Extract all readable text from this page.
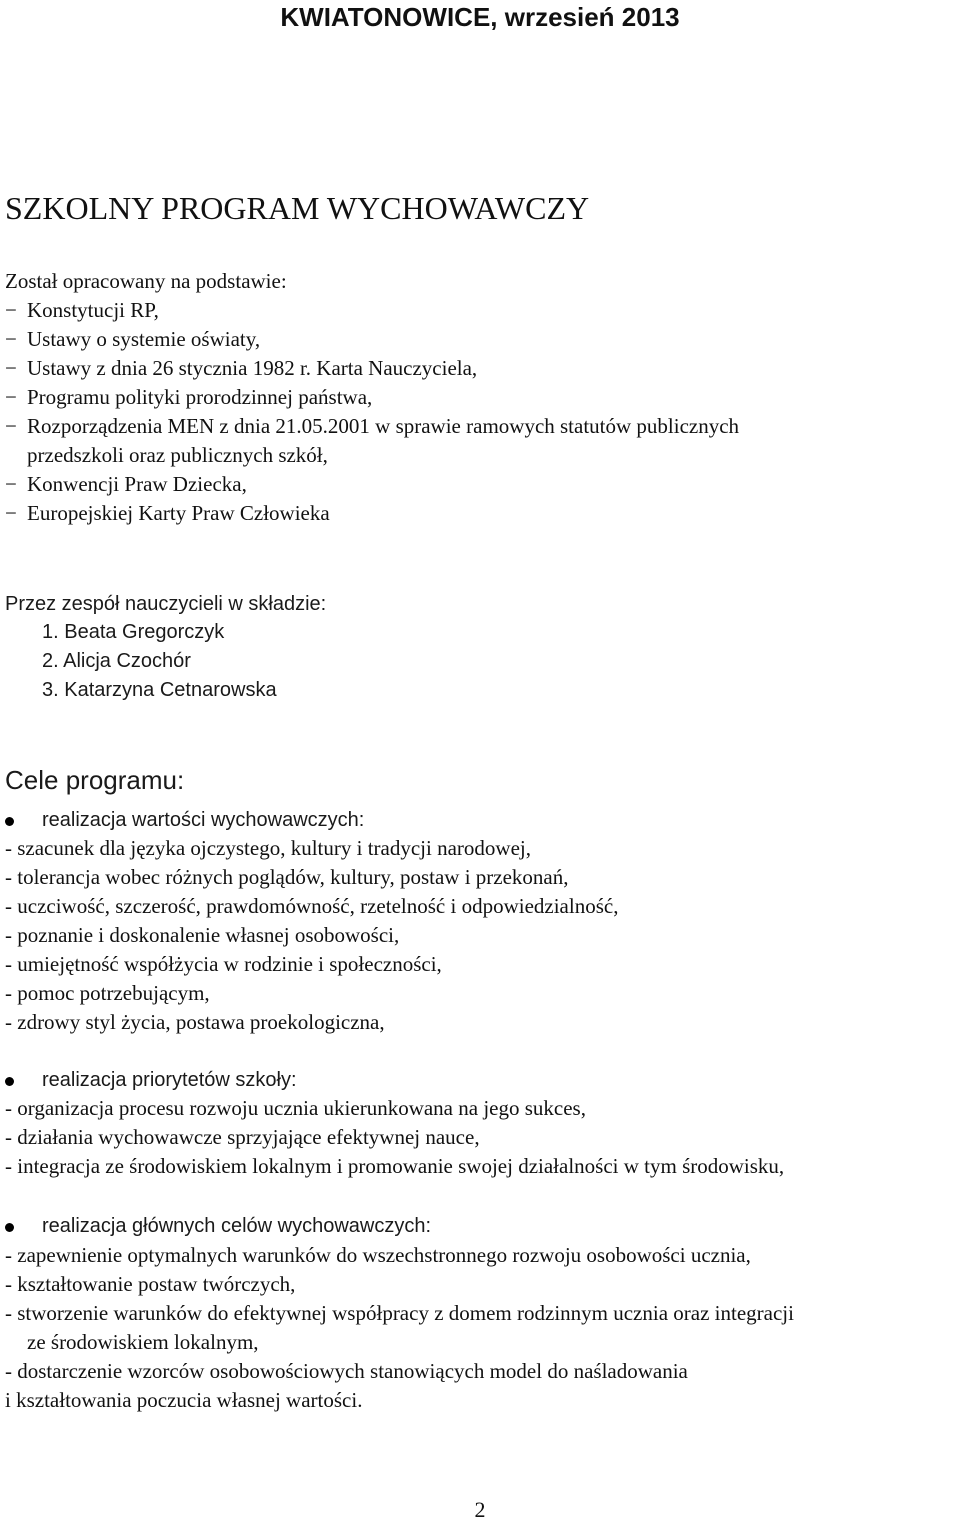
KWIATONOWICE, wrzesień 2013
SZKOLNY PROGRAM WYCHOWAWCZY
Został opracowany na podstawie:
− Konstytucji RP,
− Ustawy o systemie oświaty,
− Ustawy z dnia 26 stycznia 1982 r. Karta Nauczyciela,
− Programu polityki prorodzinnej państwa,
− Rozporządzenia MEN z dnia 21.05.2001 w sprawie ramowych statutów publicznych
przedszkoli oraz publicznych szkół,
− Konwencji Praw Dziecka,
− Europejskiej Karty Praw Człowieka
Przez zespół nauczycieli w składzie:
1. Beata Gregorczyk
2. Alicja Czochór
3. Katarzyna Cetnarowska
Cele programu:
realizacja wartości wychowawczych:
- szacunek dla języka ojczystego, kultury i tradycji narodowej,
- tolerancja wobec różnych poglądów, kultury, postaw i przekonań,
- uczciwość, szczerość, prawdomówność, rzetelność i odpowiedzialność,
- poznanie i doskonalenie własnej osobowości,
- umiejętność współżycia w rodzinie i społeczności,
- pomoc potrzebującym,
- zdrowy styl życia, postawa proekologiczna,
realizacja priorytetów szkoły:
- organizacja procesu rozwoju ucznia ukierunkowana na jego sukces,
- działania wychowawcze sprzyjające efektywnej nauce,
- integracja ze środowiskiem lokalnym i promowanie swojej działalności w tym środowisku,
realizacja głównych celów wychowawczych:
- zapewnienie optymalnych warunków do wszechstronnego rozwoju osobowości ucznia,
- kształtowanie postaw twórczych,
- stworzenie warunków do efektywnej współpracy z domem rodzinnym ucznia oraz integracji
ze środowiskiem lokalnym,
- dostarczenie wzorców osobowościowych stanowiących model do naśladowania
i kształtowania poczucia własnej wartości.
2
